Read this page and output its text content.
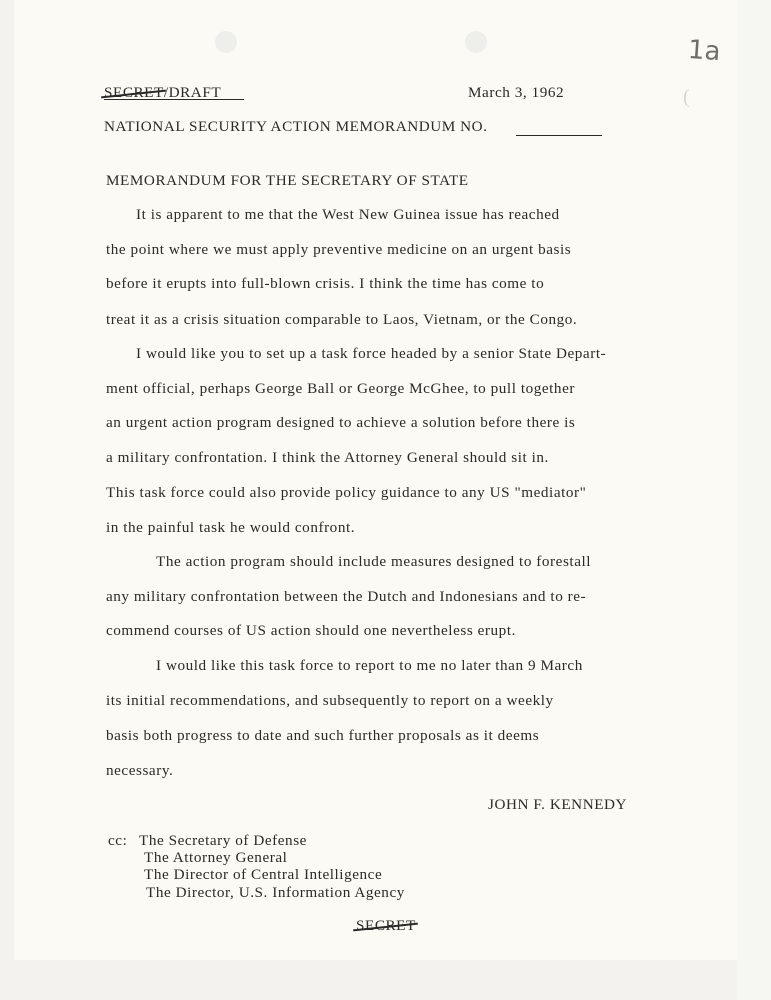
1a
(
SECRET/DRAFT	March 3, 1962
NATIONAL SECURITY ACTION MEMORANDUM NO.
MEMORANDUM FOR THE SECRETARY OF STATE
It is apparent to me that the West New Guinea issue has reached
the point where we must apply preventive medicine on an urgent basis
before it erupts into full-blown crisis. I think the time has come to
treat it as a crisis situation comparable to Laos, Vietnam, or the Congo.
I would like you to set up a task force headed by a senior State Depart-
ment official, perhaps George Ball or George McGhee, to pull together
an urgent action program designed to achieve a solution before there is
a military confrontation. I think the Attorney General should sit in.
This task force could also provide policy guidance to any US "mediator"
in the painful task he would confront.
The action program should include measures designed to forestall
any military confrontation between the Dutch and Indonesians and to re-
commend courses of US action should one nevertheless erupt.
I would like this task force to report to me no later than 9 March
its initial recommendations, and subsequently to report on a weekly
basis both progress to date and such further proposals as it deems
necessary.
JOHN F. KENNEDY
cc: The Secretary of Defense
The Attorney General
The Director of Central Intelligence
The Director, U.S. Information Agency
SECRET
